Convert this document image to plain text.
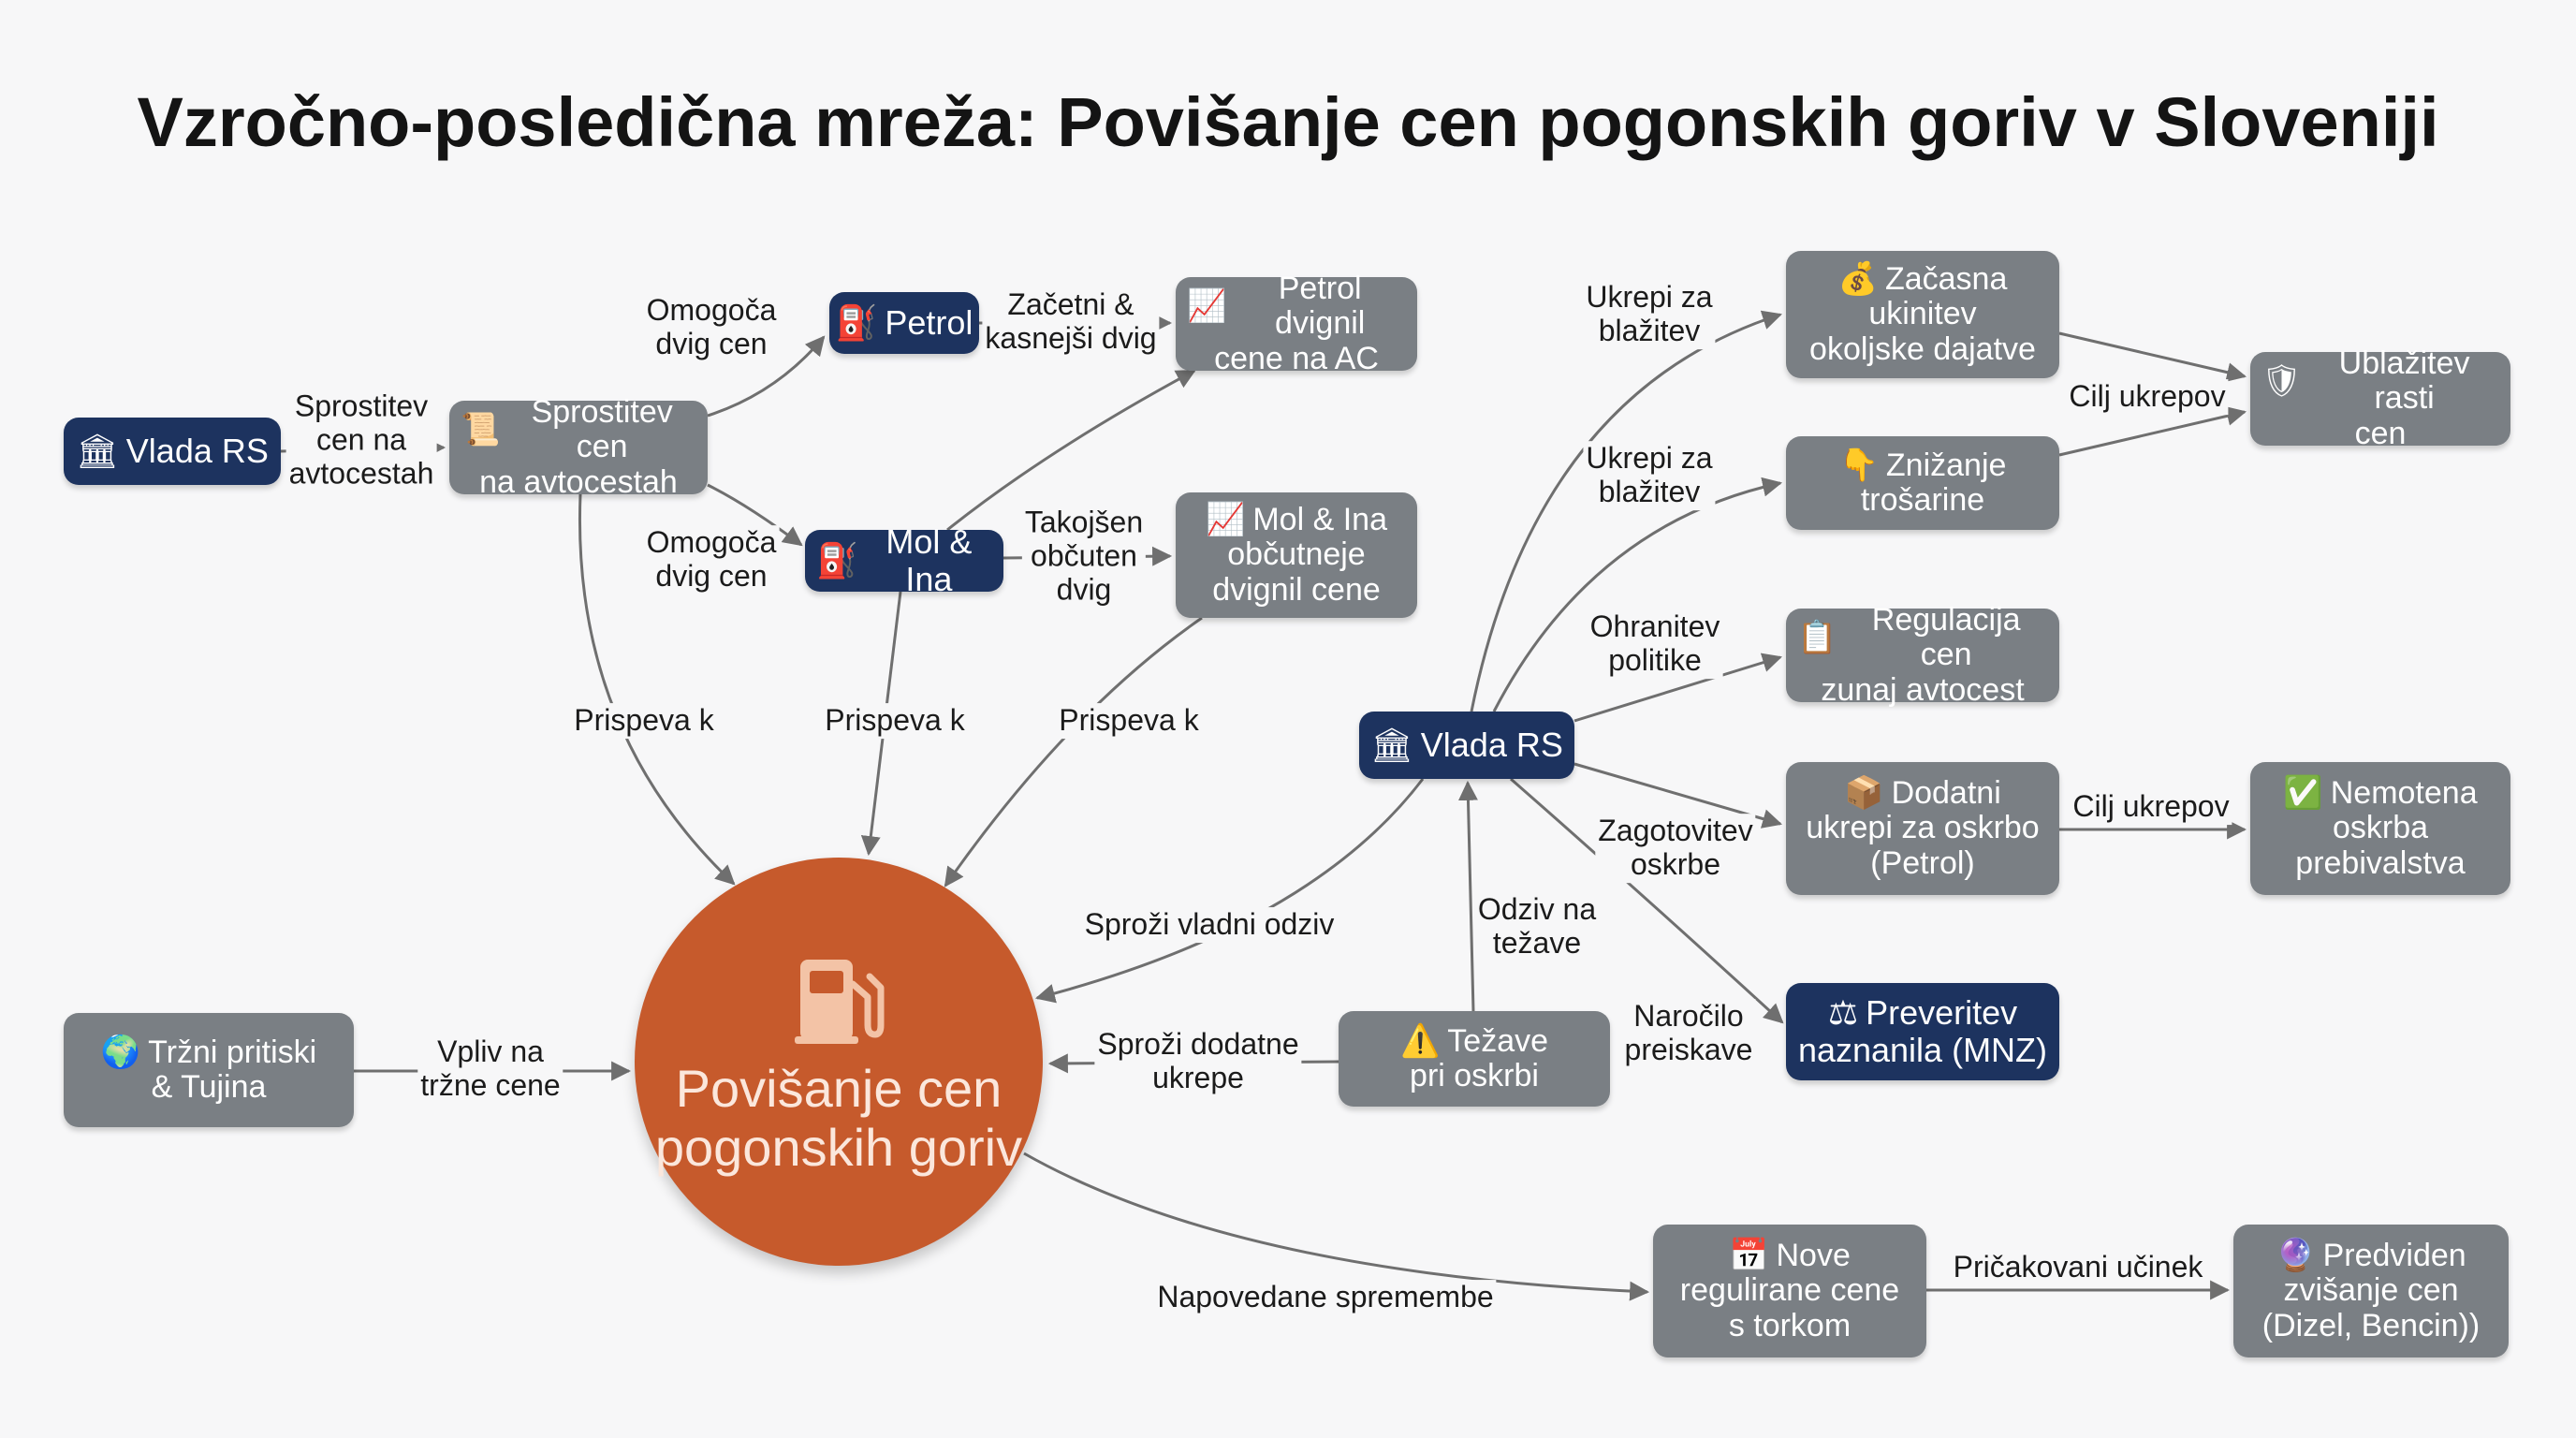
Vzročno-posledična mreža: Povišanje cen pogonskih goriv v Sloveniji
Sprostitev
cen na
avtocestah
Omogoča
dvig cen
Omogoča
dvig cen
Začetni &
kasnejši dvig
Takojšen
občuten
dvig
Prispeva k	Prispeva k	Prispeva k
Vpliv na
tržne cene
Sproži vladni odziv
Sproži dodatne
ukrepe
Odziv na
težave
Ukrepi za
blažitev
Ukrepi za
blažitev
Ohranitev
politike
Zagotovitev
oskrbe
Naročilo
preiskave
Cilj ukrepov
Cilj ukrepov
Napovedane spremembe
Pričakovani učinek
Povišanje cen pogonskih goriv
🏛 Vlada RS
📜 Sprostitev cen
na avtocestah
⛽ Petrol
⛽ Mol & Ina
📈	Petrol dvignil
cene na AC
📈 Mol & Ina
občutneje
dvignil cene
🌍 Tržni pritiski
& Tujina
🏛 Vlada RS
💰 Začasna
ukinitev
okoljske dajatve
👇 Znižanje
trošarine
📋	Regulacija cen
zunaj avtocest
📦 Dodatni
ukrepi za oskrbo
(Petrol)
⚠️ Težave
pri oskrbi
⚖ Preveritev
naznanila (MNZ)
🛡	Ublažitev rasti
cen
✅ Nemotena
oskrba
prebivalstva
📅 Nove
regulirane cene
s torkom
🔮 Predviden
zvišanje cen
(Dizel, Bencin))
